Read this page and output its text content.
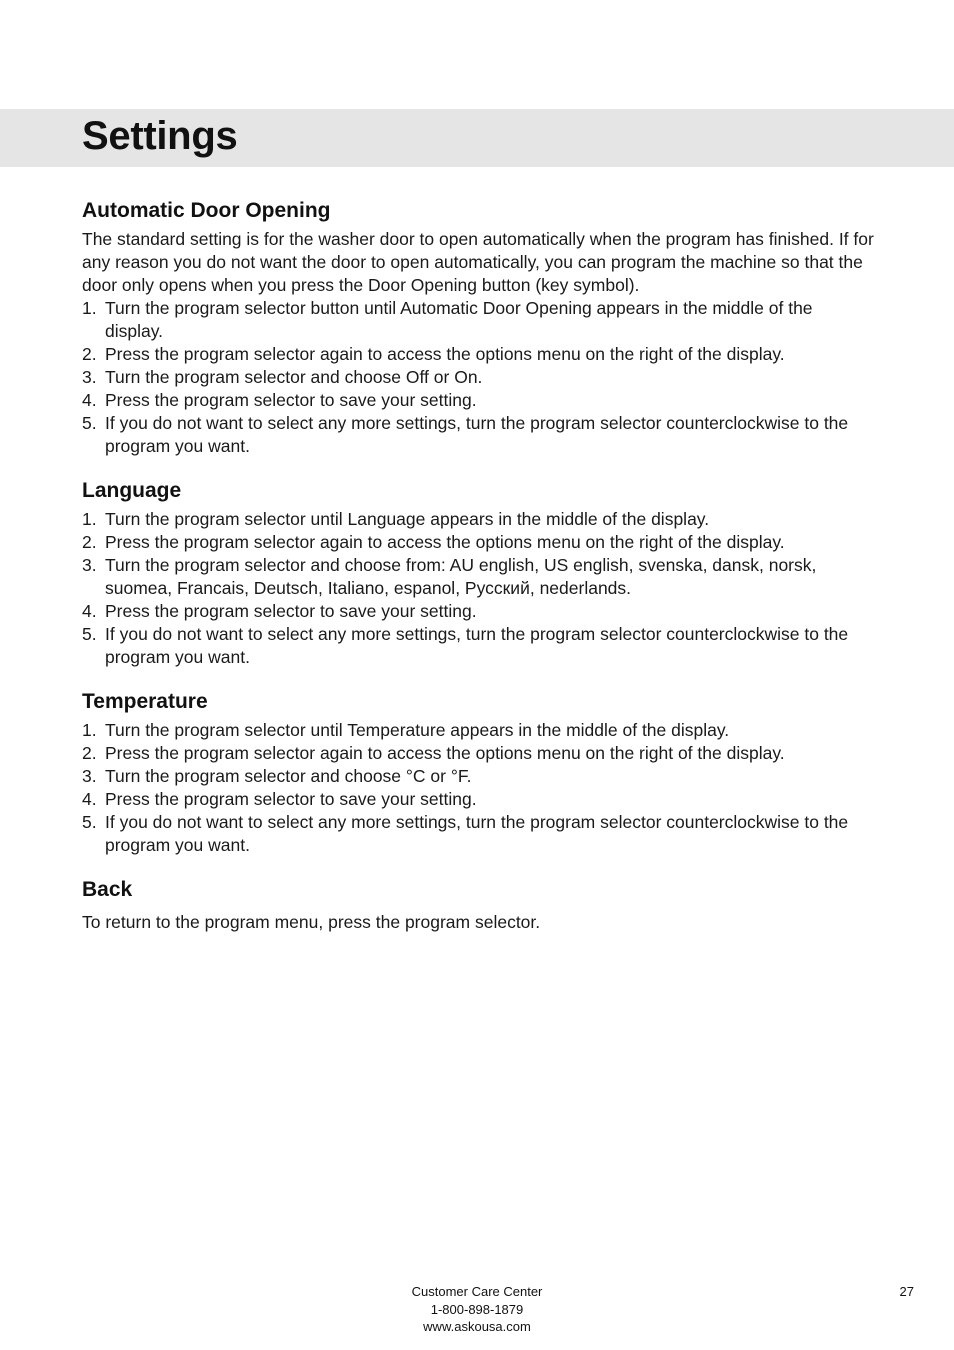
Settings
Automatic Door Opening

The standard setting is for the washer door to open automatically when the program has finished. If for any reason you do not want the door to open automatically, you can program the machine so that the door only opens when you press the Door Opening button (key symbol).

1. Turn the program selector button until Automatic Door Opening appears in the middle of the display.
2. Press the program selector again to access the options menu on the right of the display.
3. Turn the program selector and choose Off or On.
4. Press the program selector to save your setting.
5. If you do not want to select any more settings, turn the program selector counterclockwise to the program you want.
Language
1. Turn the program selector until Language appears in the middle of the display.
2. Press the program selector again to access the options menu on the right of the display.
3. Turn the program selector and choose from: AU english, US english, svenska, dansk, norsk, suomea, Francais, Deutsch, Italiano, espanol, Русский, nederlands.
4. Press the program selector to save your setting.
5. If you do not want to select any more settings, turn the program selector counterclockwise to the program you want.
Temperature
1. Turn the program selector until Temperature appears in the middle of the display.
2. Press the program selector again to access the options menu on the right of the display.
3. Turn the program selector and choose °C or °F.
4. Press the program selector to save your setting.
5. If you do not want to select any more settings, turn the program selector counterclockwise to the program you want.
Back

To return to the program menu, press the program selector.

Customer Care Center
1-800-898-1879
www.askousa.com
27
